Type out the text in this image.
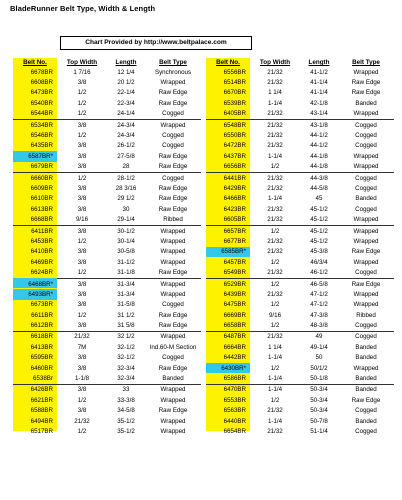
BladeRunner Belt Type, Width & Length
Chart Provided by http://www.beltpalace.com
Belt No.	Top Width	Length	Belt Type
6678BR	1 7/16	12 1/4	Synchronous
6608BR	3/8	20 1/2	Wrapped
6473BR	1/2	22-1/4	Raw Edge
6540BR	1/2	22-3/4	Raw Edge
6544BR	1/2	24-1/4	Cogged
6534BR	3/8	24-3/4	Wrapped
6546BR	1/2	24-3/4	Cogged
6435BR	3/8	26-1/2	Cogged
6587BR*	3/8	27-5/8	Raw Edge
6679BR	3/8	28	Raw Edge
6660BR	1/2	28-1/2	Cogged
6609BR	3/8	28 3/16	Raw Edge
6610BR	3/8	29 1/2	Raw Edge
6613BR	3/8	30	Raw Edge
6668BR	9/16	29-1/4	Ribbed
6411BR	3/8	30-1/2	Wrapped
6453BR	1/2	30-1/4	Wrapped
6410BR	3/8	30-5/8	Wrapped
6469BR	3/8	31-1/2	Wrapped
6624BR	1/2	31-1/8	Raw Edge
6468BR*	3/8	31-3/4	Wrapped
6493BR*	3/8	31-3/4	Wrapped
6673BR	3/8	31-5/8	Cogged
6611BR	1/2	31 1/2	Raw Edge
6612BR	3/8	31 5/8	Raw Edge
6618BR	21/32	32 1/2	Wrapped
6413BR	7M	32-1/2	Ind.60-M Section
6595BR	3/8	32-1/2	Cogged
6460BR	3/8	32-3/4	Raw Edge
6538Br	1-1/8	32-3/4	Banded
6426BR	3/8	33	Wrapped
6621BR	1/2	33-3/8	Wrapped
6588BR	3/8	34-5/8	Raw Edge
6494BR	21/32	35-1/2	Wrapped
6517BR	1/2	35-1/2	Wrapped
Belt No.	Top Width	Length	Belt Type
6556BR	21/32	41-1/2	Wrapped
6514BR	21/32	41-1/4	Raw Edge
6670BR	1 1/4	41-1/4	Raw Edge
6539BR	1-1/4	42-1/8	Banded
6405BR	21/32	43-1/4	Wrapped
6548BR	21/32	43-1/8	Cogged
6550BR	21/32	44-1/2	Cogged
6472BR	21/32	44-1/2	Cogged
6437BR	1-1/4	44-1/8	Wrapped
6656BR	1/2	44-1/8	Wrapped
6441BR	21/32	44-3/8	Cogged
6429BR	21/32	44-5/8	Cogged
6466BR	1-1/4	45	Banded
6423BR	21/32	45-1/2	Cogged
6605BR	21/32	45-1/2	Wrapped
6657BR	1/2	45-1/2	Wrapped
6677BR	21/32	45-1/2	Wrapped
6585BR*	21/32	45-3/8	Raw Edge
6457BR	1/2	46/3/4	Wrapped
6549BR	21/32	46-1/2	Cogged
6529BR	1/2	46-5/8	Raw Edge
6439BR	21/32	47-1/2	Wrapped
6475BR	1/2	47-1/2	Wrapped
6669BR	9/16	47-3/8	Ribbed
6658BR	1/2	48-3/8	Cogged
6487BR	21/32	49	Cogged
6664BR	1 1/4	49-1/4	Banded
6442BR	1-1/4	50	Banded
6430BR*	1/2	50/1/2	Wrapped
6586BR	1-1/4	50-1/8	Banded
6470BR	1-1/4	50-3/4	Banded
6553BR	1/2	50-3/4	Raw Edge
6563BR	21/32	50-3/4	Cogged
6440BR	1-1/4	50-7/8	Banded
6654BR	21/32	51-1/4	Cogged
